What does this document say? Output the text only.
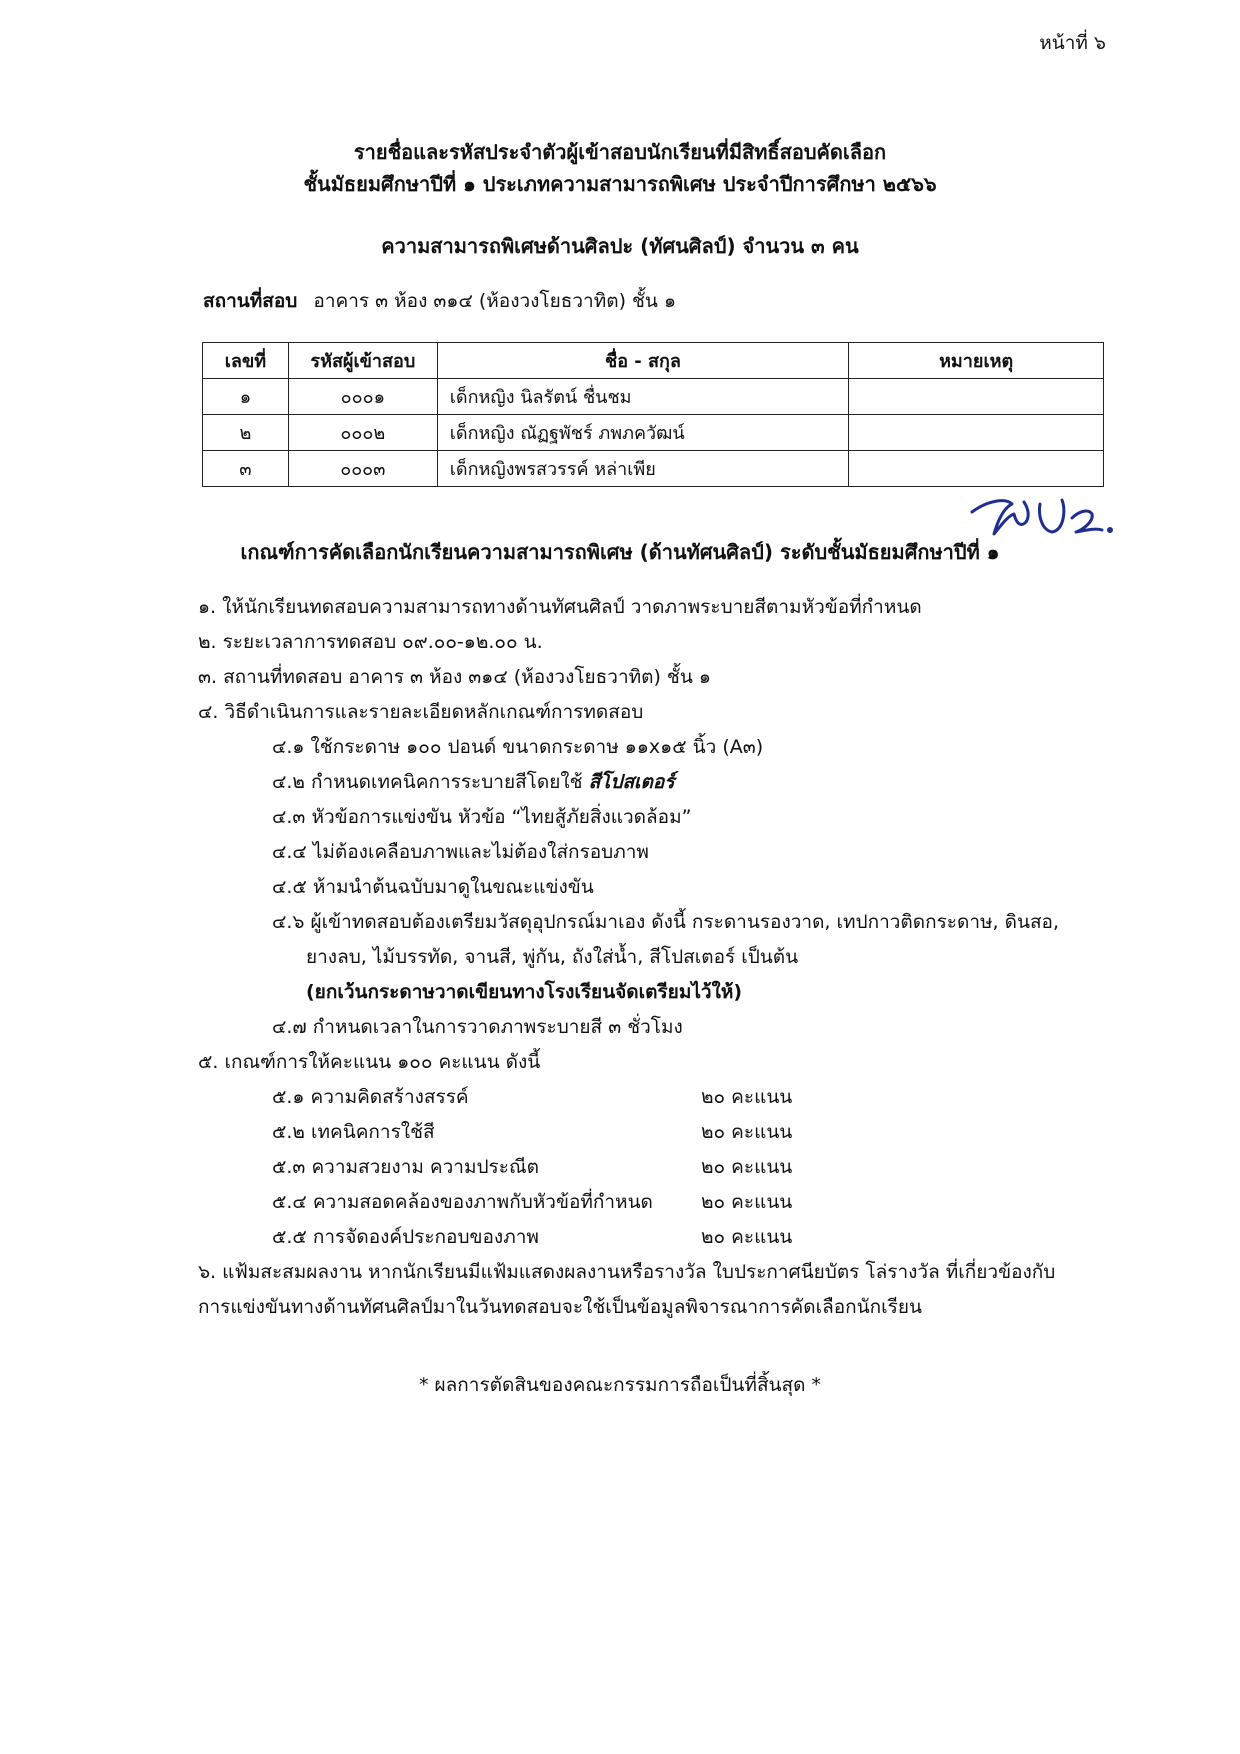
หน้าที่ ๖
รายชื่อและรหัสประจำตัวผู้เข้าสอบนักเรียนที่มีสิทธิ์สอบคัดเลือก
ชั้นมัธยมศึกษาปีที่ ๑ ประเภทความสามารถพิเศษ ประจำปีการศึกษา ๒๕๖๖
ความสามารถพิเศษด้านศิลปะ (ทัศนศิลป์) จำนวน ๓ คน
สถานที่สอบ อาคาร ๓ ห้อง ๓๑๔ (ห้องวงโยธวาทิต) ชั้น ๑
เลขที่	รหัสผู้เข้าสอบ	ชื่อ - สกุล	หมายเหตุ
๑	๐๐๐๑	เด็กหญิง นิลรัตน์ ชื่นชม	
๒	๐๐๐๒	เด็กหญิง ณัฏฐพัชร์ ภพภควัฒน์	
๓	๐๐๐๓	เด็กหญิงพรสวรรค์ หล่าเพีย	
เกณฑ์การคัดเลือกนักเรียนความสามารถพิเศษ (ด้านทัศนศิลป์) ระดับชั้นมัธยมศึกษาปีที่ ๑
๑. ให้นักเรียนทดสอบความสามารถทางด้านทัศนศิลป์ วาดภาพระบายสีตามหัวข้อที่กำหนด
๒. ระยะเวลาการทดสอบ ๐๙.๐๐-๑๒.๐๐ น.
๓. สถานที่ทดสอบ อาคาร ๓ ห้อง ๓๑๔ (ห้องวงโยธวาทิต) ชั้น ๑
๔. วิธีดำเนินการและรายละเอียดหลักเกณฑ์การทดสอบ
๔.๑ ใช้กระดาษ ๑๐๐ ปอนด์ ขนาดกระดาษ ๑๑x๑๕ นิ้ว (A๓)
๔.๒ กำหนดเทคนิคการระบายสีโดยใช้ สีโปสเตอร์
๔.๓ หัวข้อการแข่งขัน หัวข้อ “ไทยสู้ภัยสิ่งแวดล้อม”
๔.๔ ไม่ต้องเคลือบภาพและไม่ต้องใส่กรอบภาพ
๔.๕ ห้ามนำต้นฉบับมาดูในขณะแข่งขัน
๔.๖ ผู้เข้าทดสอบต้องเตรียมวัสดุอุปกรณ์มาเอง ดังนี้ กระดานรองวาด, เทปกาวติดกระดาษ, ดินสอ,
ยางลบ, ไม้บรรทัด, จานสี, พู่กัน, ถังใส่น้ำ, สีโปสเตอร์ เป็นต้น
(ยกเว้นกระดาษวาดเขียนทางโรงเรียนจัดเตรียมไว้ให้)
๔.๗ กำหนดเวลาในการวาดภาพระบายสี ๓ ชั่วโมง
๕. เกณฑ์การให้คะแนน ๑๐๐ คะแนน ดังนี้
๕.๑ ความคิดสร้างสรรค์	๒๐ คะแนน
๕.๒ เทคนิคการใช้สี	๒๐ คะแนน
๕.๓ ความสวยงาม ความประณีต	๒๐ คะแนน
๕.๔ ความสอดคล้องของภาพกับหัวข้อที่กำหนด	๒๐ คะแนน
๕.๕ การจัดองค์ประกอบของภาพ	๒๐ คะแนน
๖. แฟ้มสะสมผลงาน หากนักเรียนมีแฟ้มแสดงผลงานหรือรางวัล ใบประกาศนียบัตร โล่รางวัล ที่เกี่ยวข้องกับ
การแข่งขันทางด้านทัศนศิลป์มาในวันทดสอบจะใช้เป็นข้อมูลพิจารณาการคัดเลือกนักเรียน
* ผลการตัดสินของคณะกรรมการถือเป็นที่สิ้นสุด *
